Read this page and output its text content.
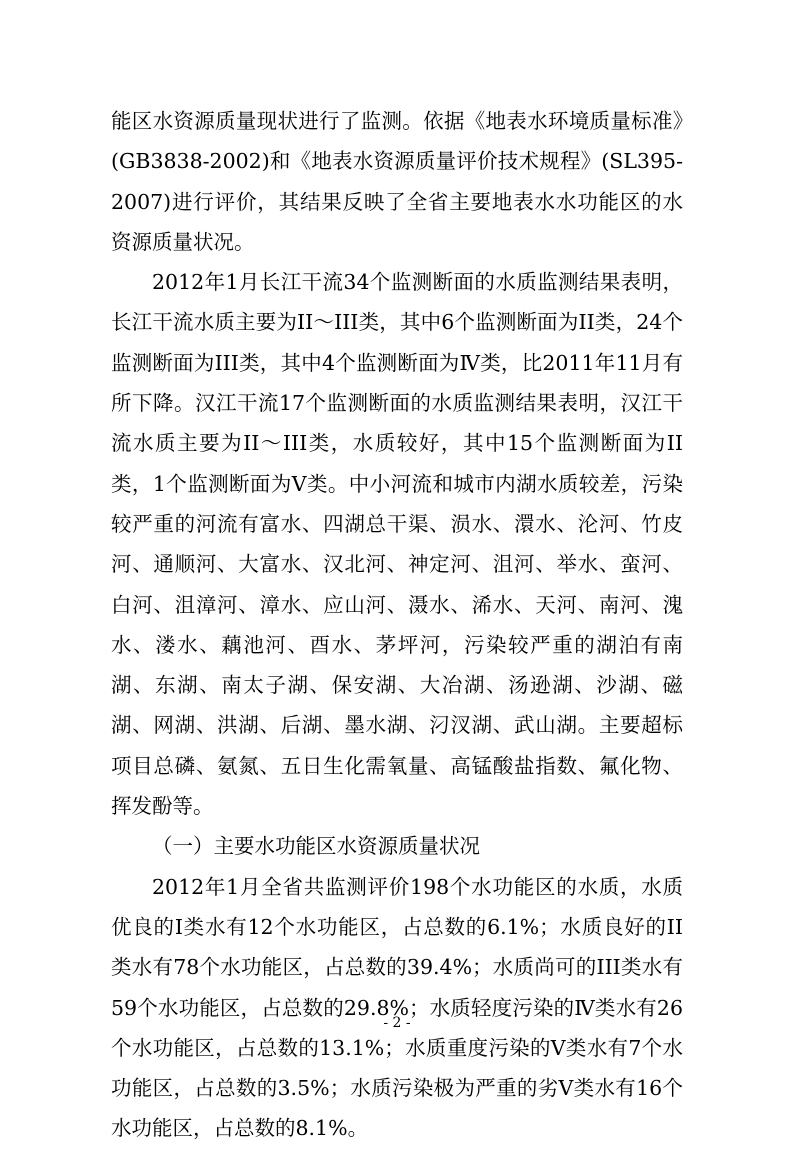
能区水资源质量现状进行了监测。依据《地表水环境质量标准》(GB3838-2002)和《地表水资源质量评价技术规程》(SL395-2007)进行评价，其结果反映了全省主要地表水水功能区的水资源质量状况。

2012年1月长江干流34个监测断面的水质监测结果表明，长江干流水质主要为II～III类，其中6个监测断面为II类，24个监测断面为III类，其中4个监测断面为Ⅳ类，比2011年11月有所下降。汉江干流17个监测断面的水质监测结果表明，汉江干流水质主要为II～III类，水质较好，其中15个监测断面为II类，1个监测断面为Ⅴ类。中小河流和城市内湖水质较差，污染较严重的河流有富水、四湖总干渠、涢水、澴水、沦河、竹皮河、通顺河、大富水、汉北河、神定河、沮河、举水、蛮河、白河、沮漳河、漳水、应山河、滠水、浠水、天河、南河、溾水、溇水、藕池河、酉水、茅坪河，污染较严重的湖泊有南湖、东湖、南太子湖、保安湖、大冶湖、汤逊湖、沙湖、磁湖、网湖、洪湖、后湖、墨水湖、汈汊湖、武山湖。主要超标项目总磷、氨氮、五日生化需氧量、高锰酸盐指数、氟化物、挥发酚等。

（一）主要水功能区水资源质量状况

2012年1月全省共监测评价198个水功能区的水质，水质优良的Ⅰ类水有12个水功能区，占总数的6.1%；水质良好的II类水有78个水功能区，占总数的39.4%；水质尚可的III类水有59个水功能区，占总数的29.8%；水质轻度污染的Ⅳ类水有26个水功能区，占总数的13.1%；水质重度污染的Ⅴ类水有7个水功能区，占总数的3.5%；水质污染极为严重的劣Ⅴ类水有16个水功能区，占总数的8.1%。

- 2 -
